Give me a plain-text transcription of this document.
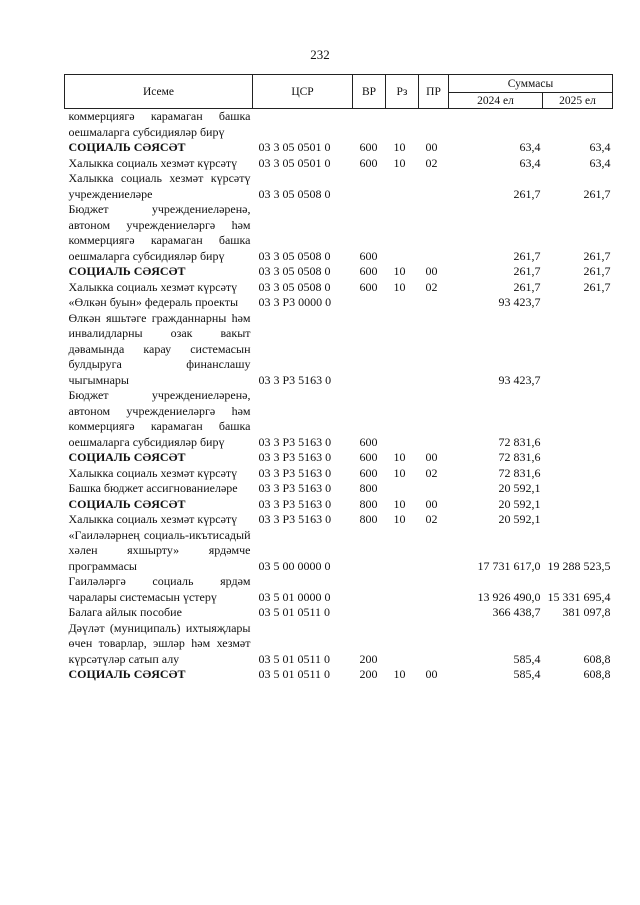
232
Исеме	ЦСР	ВР	Рз	ПР	Суммасы	
					2024 ел	2025 ел

коммерциягә карамаган башка оешмаларга субсидияләр бирү						

СОЦИАЛЬ СӘЯСӘТ	03 3 05 0501 0	600	10	00	63,4	63,4

Халыкка социаль хезмәт күрсәтү	03 3 05 0501 0	600	10	02	63,4	63,4

Халыкка социаль хезмәт күрсәтү учреждениеләре	03 3 05 0508 0				261,7	261,7

Бюджет учреждениеләренә, автоном учреждениеләргә һәм коммерциягә карамаган башка оешмаларга субсидияләр бирү	03 3 05 0508 0	600			261,7	261,7

СОЦИАЛЬ СӘЯСӘТ	03 3 05 0508 0	600	10	00	261,7	261,7

Халыкка социаль хезмәт күрсәтү	03 3 05 0508 0	600	10	02	261,7	261,7

«Өлкән буын» федераль проекты	03 3 P3 0000 0				93 423,7	

Өлкән яшьтәге гражданнарны һәм инвалидларны озак вакыт дәвамында карау системасын булдыруга финанслашу чыгымнары	03 3 P3 5163 0				93 423,7	

Бюджет учреждениеләренә, автоном учреждениеләргә һәм коммерциягә карамаган башка оешмаларга субсидияләр бирү	03 3 P3 5163 0	600			72 831,6	

СОЦИАЛЬ СӘЯСӘТ	03 3 P3 5163 0	600	10	00	72 831,6	

Халыкка социаль хезмәт күрсәтү	03 3 P3 5163 0	600	10	02	72 831,6	

Башка бюджет ассигнованиеләре	03 3 P3 5163 0	800			20 592,1	

СОЦИАЛЬ СӘЯСӘТ	03 3 P3 5163 0	800	10	00	20 592,1	

Халыкка социаль хезмәт күрсәтү	03 3 P3 5163 0	800	10	02	20 592,1	

«Гаиләләрнең социаль-икътисадый хәлен яхшырту» ярдәмче программасы	03 5 00 0000 0				17 731 617,0	19 288 523,5

Гаиләләргә социаль ярдәм чаралары системасын үстерү	03 5 01 0000 0				13 926 490,0	15 331 695,4

Балага айлык пособие	03 5 01 0511 0				366 438,7	381 097,8

Дәүләт (муниципаль) ихтыяҗлары өчен товарлар, эшләр һәм хезмәт күрсәтүләр сатып алу	03 5 01 0511 0	200			585,4	608,8

СОЦИАЛЬ СӘЯСӘТ	03 5 01 0511 0	200	10	00	585,4	608,8
